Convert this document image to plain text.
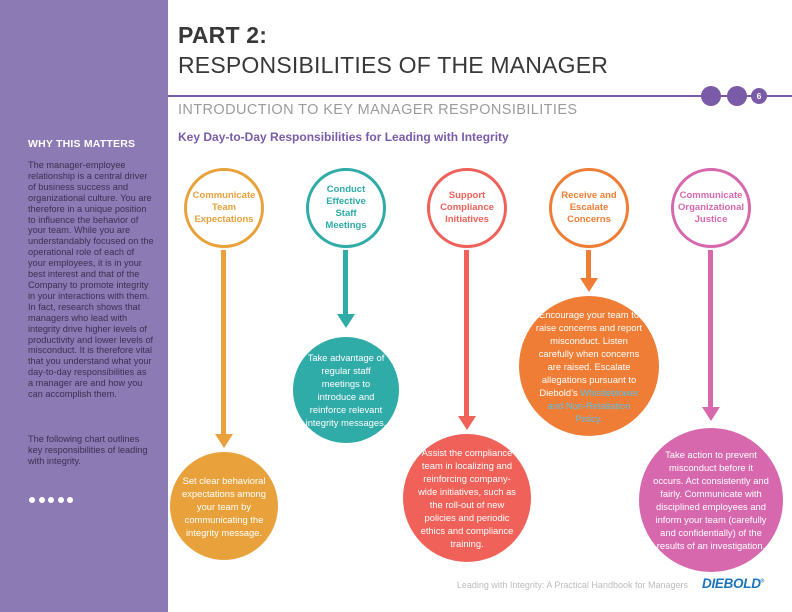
WHY THIS MATTERS
The manager-employee relationship is a central driver of business success and organizational culture. You are therefore in a unique position to influence the behavior of your team. While you are understandably focused on the operational role of each of your employees, it is in your best interest and that of the Company to promote integrity in your interactions with them. In fact, research shows that managers who lead with integrity drive higher levels of productivity and lower levels of misconduct. It is therefore vital that you understand what your day-to-day responsibilities as a manager are and how you can accomplish them.
The following chart outlines key responsibilities of leading with integrity.
PART 2:
RESPONSIBILITIES OF THE MANAGER
6
INTRODUCTION TO KEY MANAGER RESPONSIBILITIES
Key Day-to-Day Responsibilities for Leading with Integrity
Communicate Team Expectations
Set clear behavioral expectations among your team by communicating the integrity message.
Conduct Effective Staff Meetings
Take advantage of regular staff meetings to introduce and reinforce relevant integrity messages.
Support Compliance Initiatives
Assist the compliance team in localizing and reinforcing company-wide initiatives, such as the roll-out of new policies and periodic ethics and compliance training.
Receive and Escalate Concerns
Encourage your team to raise concerns and report misconduct. Listen carefully when concerns are raised. Escalate allegations pursuant to Diebold’s Whistleblower and Non-Retaliation Policy.
Communicate Organizational Justice
Take action to prevent misconduct before it occurs. Act consistently and fairly. Communicate with disciplined employees and inform your team (carefully and confidentially) of the results of an investigation.
Leading with Integrity: A Practical Handbook for Managers DIEBOLD®
